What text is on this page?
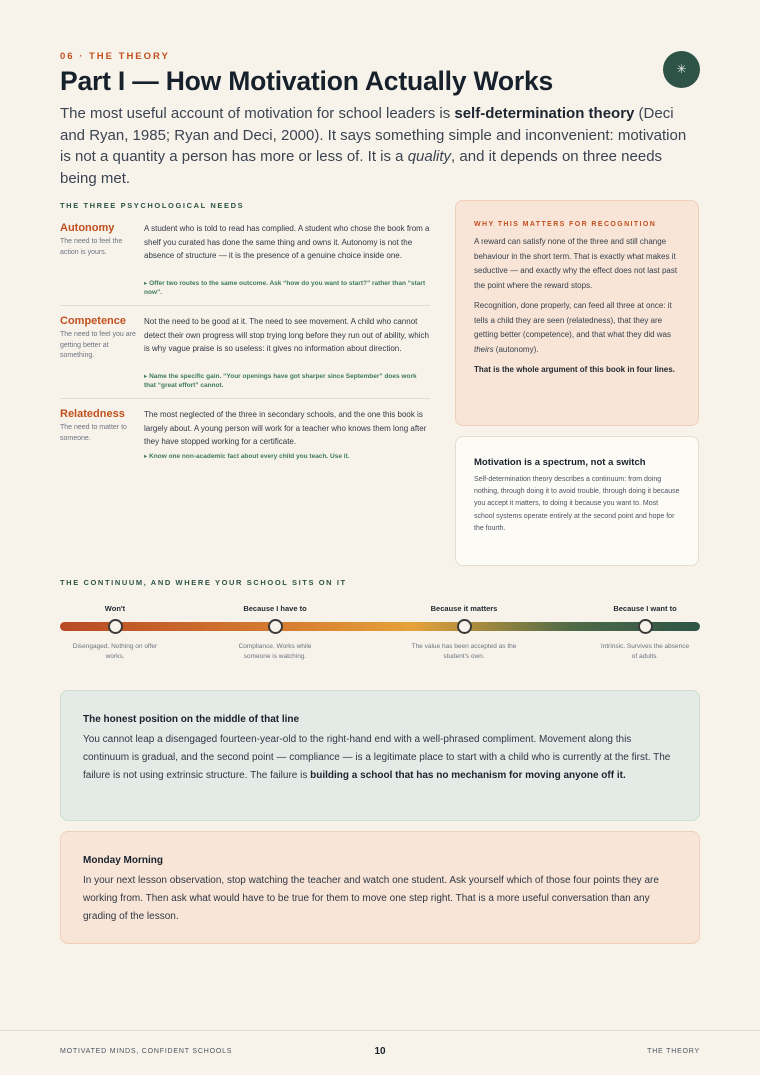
06 · THE THEORY
✳
Part I — How Motivation Actually Works

The most useful account of motivation for school leaders is self-determination theory (Deci and Ryan, 1985; Ryan and Deci, 2000). It says something simple and inconvenient: motivation is not a quantity a person has more or less of. It is a quality, and it depends on three needs being met.

THE THREE PSYCHOLOGICAL NEEDS
Autonomy
The need to feel the action is yours.

A student who is told to read has complied. A student who chose the book from a shelf you curated has done the same thing and owns it. Autonomy is not the absence of structure — it is the presence of a genuine choice inside one.

▸ Offer two routes to the same outcome. Ask “how do you want to start?” rather than “start now”.
Competence
The need to feel you are getting better at something.

Not the need to be good at it. The need to see movement. A child who cannot detect their own progress will stop trying long before they run out of ability, which is why vague praise is so useless: it gives no information about direction.

▸ Name the specific gain. “Your openings have got sharper since September” does work that “great effort” cannot.
Relatedness
The need to matter to someone.

The most neglected of the three in secondary schools, and the one this book is largely about. A young person will work for a teacher who knows them long after they have stopped working for a certificate.

▸ Know one non-academic fact about every child you teach. Use it.
WHY THIS MATTERS FOR RECOGNITION

A reward can satisfy none of the three and still change behaviour in the short term. That is exactly what makes it seductive — and exactly why the effect does not last past the point where the reward stops.

Recognition, done properly, can feed all three at once: it tells a child they are seen (relatedness), that they are getting better (competence), and that what they did was theirs (autonomy).

That is the whole argument of this book in four lines.

Motivation is a spectrum, not a switch

Self-determination theory describes a continuum: from doing nothing, through doing it to avoid trouble, through doing it because you accept it matters, to doing it because you want to. Most school systems operate entirely at the second point and hope for the fourth.

THE CONTINUUM, AND WHERE YOUR SCHOOL SITS ON IT
Won't	Because I have to	Because it matters	Because I want to
Disengaged. Nothing on offer works.
Compliance. Works while someone is watching.
The value has been accepted as the student's own.
Intrinsic. Survives the absence of adults.
The honest position on the middle of that line

You cannot leap a disengaged fourteen-year-old to the right-hand end with a well-phrased compliment. Movement along this continuum is gradual, and the second point — compliance — is a legitimate place to start with a child who is currently at the first. The failure is not using extrinsic structure. The failure is building a school that has no mechanism for moving anyone off it.

Monday Morning

In your next lesson observation, stop watching the teacher and watch one student. Ask yourself which of those four points they are working from. Then ask what would have to be true for them to move one step right. That is a more useful conversation than any grading of the lesson.

MOTIVATED MINDS, CONFIDENT SCHOOLS	10	THE THEORY
